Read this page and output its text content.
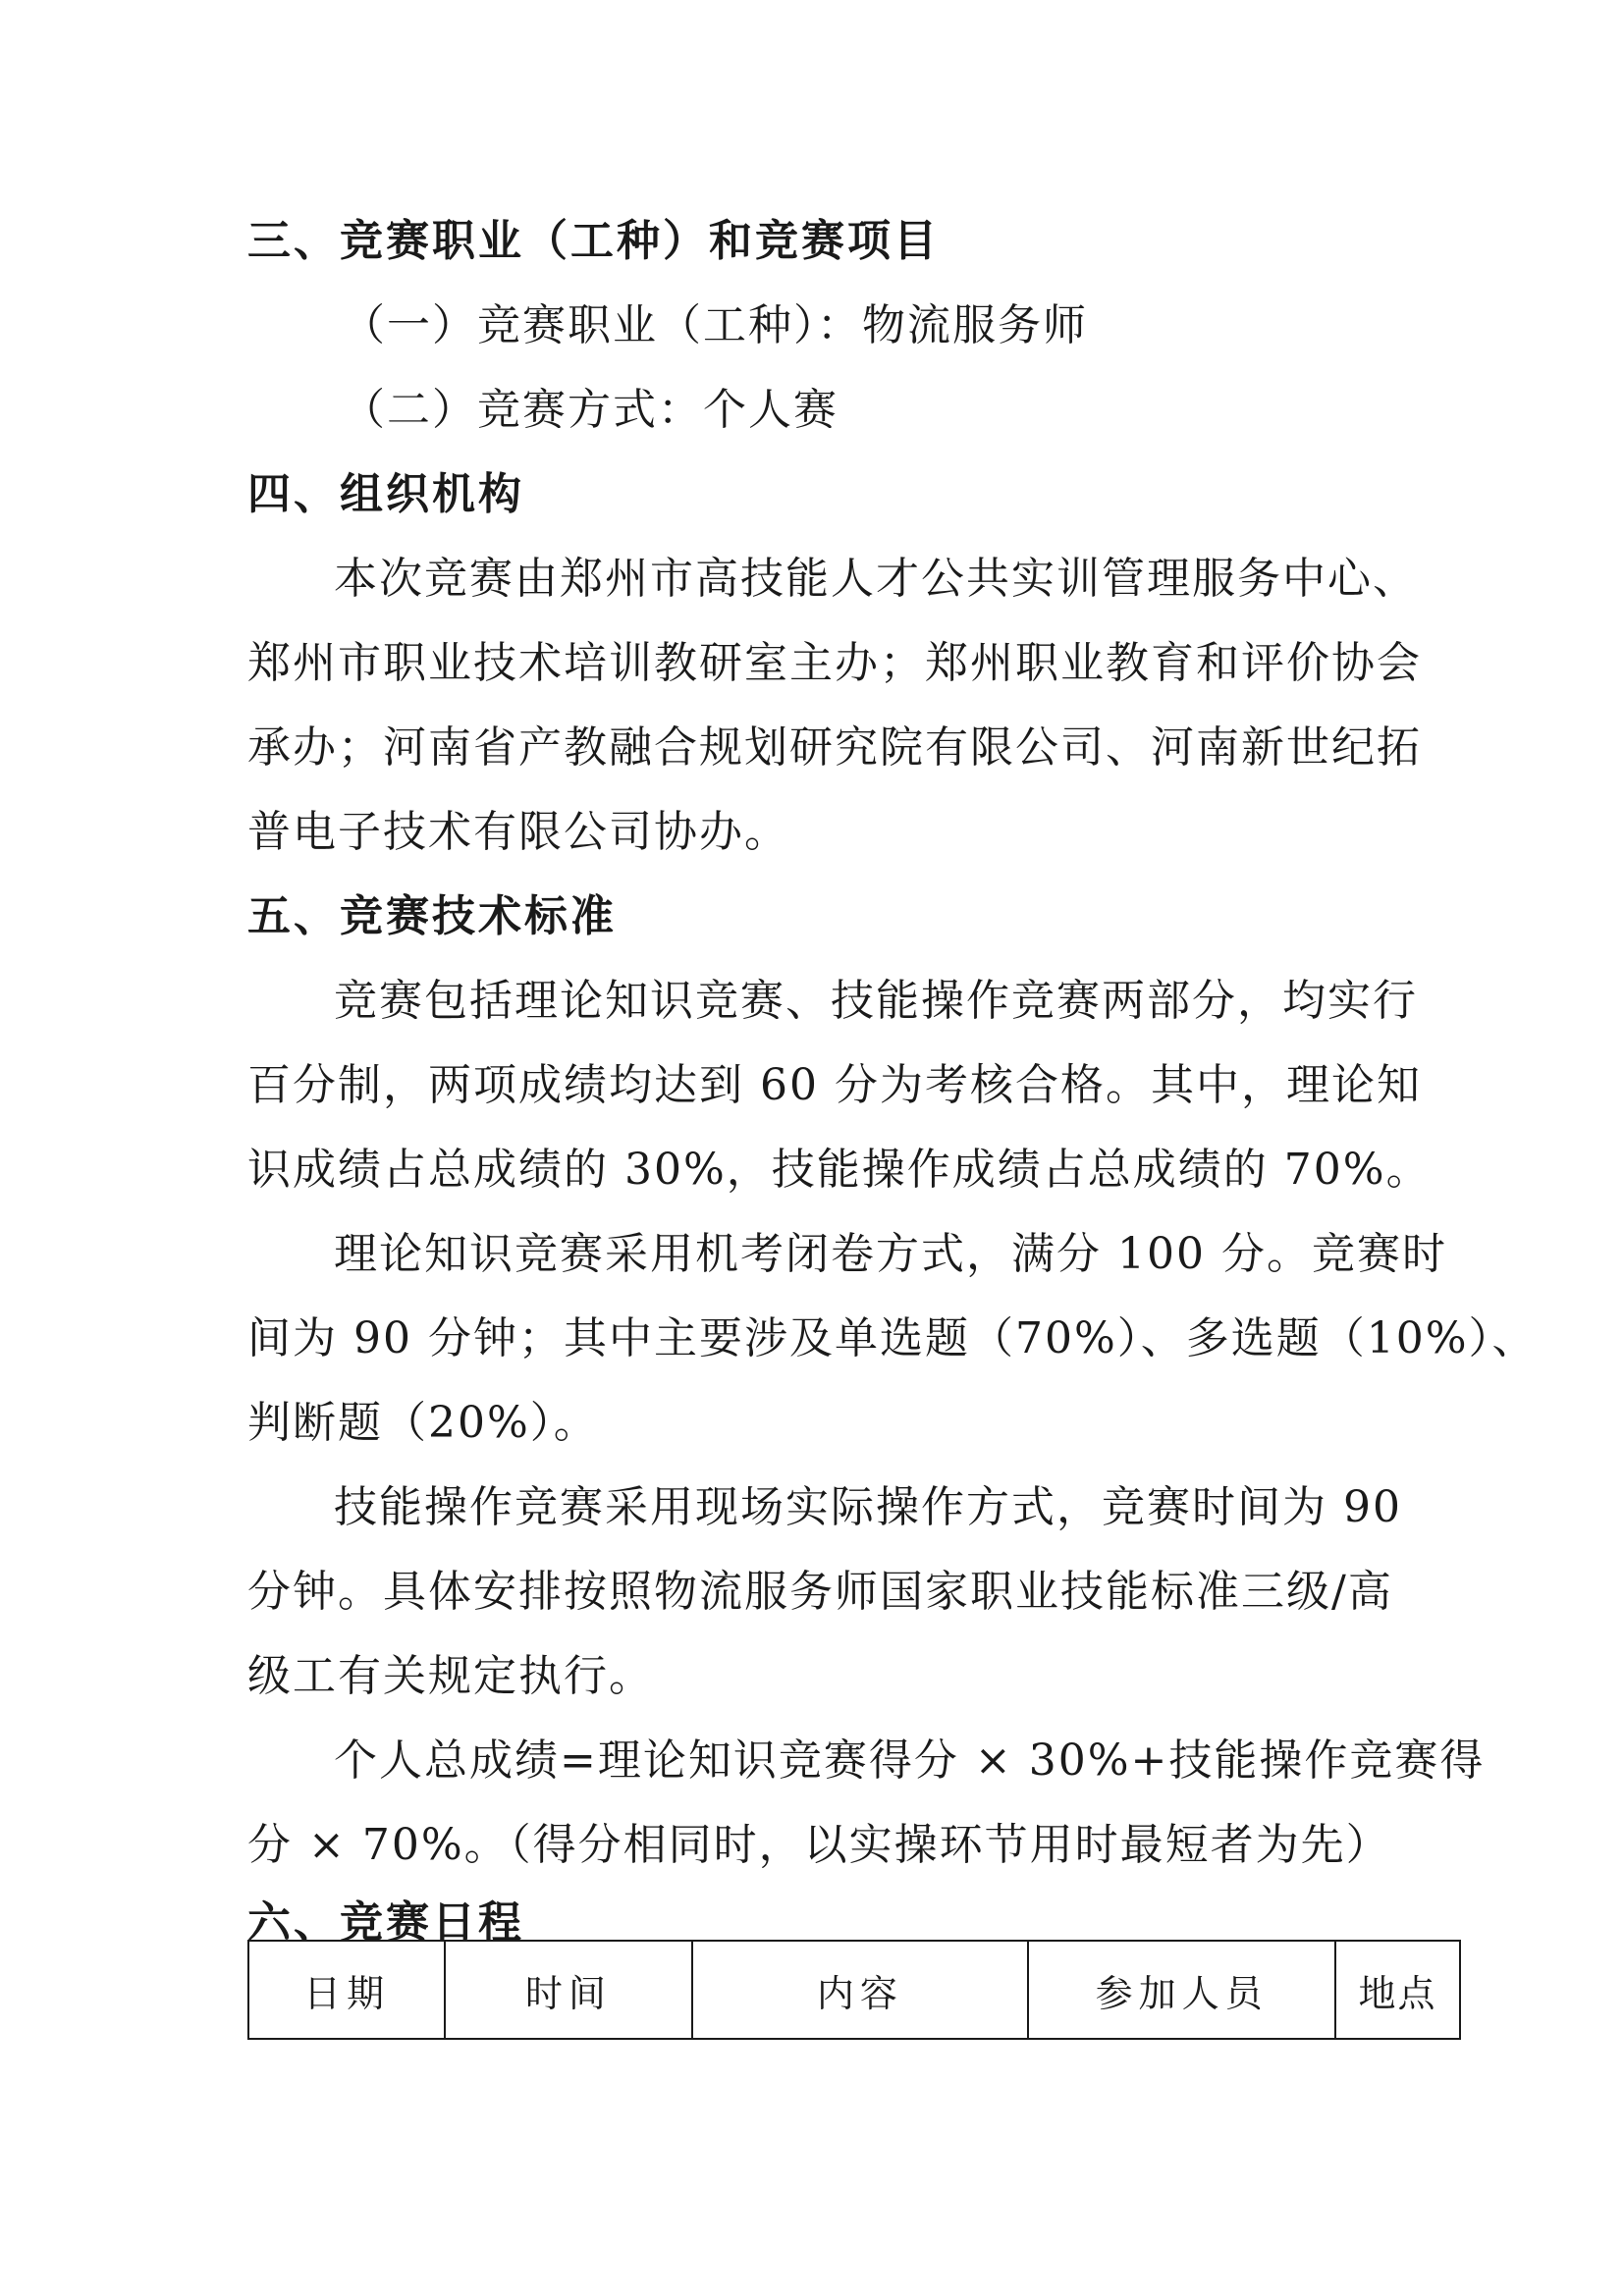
三、竞赛职业（工种）和竞赛项目
（一）竞赛职业（工种）：物流服务师
（二）竞赛方式：个人赛
四、组织机构
本次竞赛由郑州市高技能人才公共实训管理服务中心、
郑州市职业技术培训教研室主办；郑州职业教育和评价协会
承办；河南省产教融合规划研究院有限公司、河南新世纪拓
普电子技术有限公司协办。
五、竞赛技术标准
竞赛包括理论知识竞赛、技能操作竞赛两部分，均实行
百分制，两项成绩均达到 60 分为考核合格。其中，理论知
识成绩占总成绩的 30%，技能操作成绩占总成绩的 70%。
理论知识竞赛采用机考闭卷方式，满分 100 分。竞赛时
间为 90 分钟；其中主要涉及单选题（70%）、多选题（10%）、
判断题（20%）。
技能操作竞赛采用现场实际操作方式，竞赛时间为 90
分钟。具体安排按照物流服务师国家职业技能标准三级/高
级工有关规定执行。
个人总成绩=理论知识竞赛得分 × 30%+技能操作竞赛得
分 × 70%。（得分相同时，以实操环节用时最短者为先）
六、竞赛日程
日期	时间	内容	参加人员	地点
